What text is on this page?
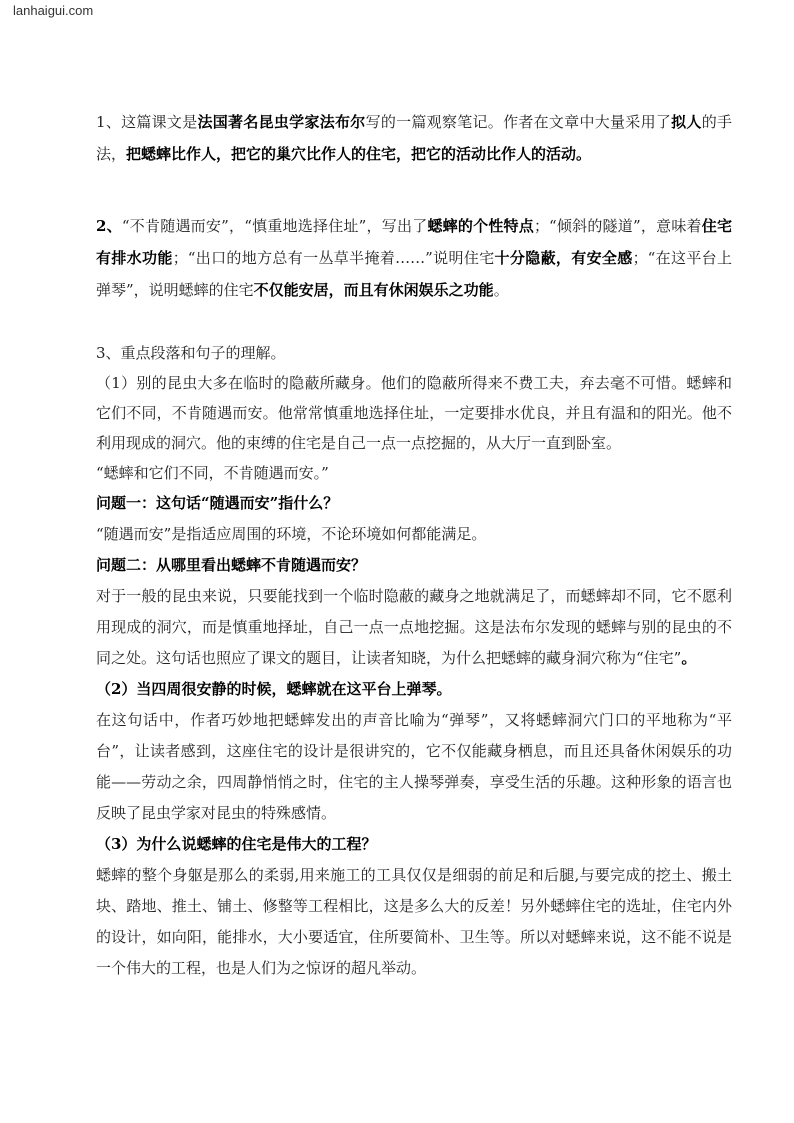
lanhaigui.com

1、这篇课文是法国著名昆虫学家法布尔写的一篇观察笔记。作者在文章中大量采用了拟人的手法，把蟋蟀比作人，把它的巢穴比作人的住宅，把它的活动比作人的活动。

2、“不肯随遇而安”，“慎重地选择住址”，写出了蟋蟀的个性特点；“倾斜的隧道”，意味着住宅有排水功能；“出口的地方总有一丛草半掩着……”说明住宅十分隐蔽，有安全感；“在这平台上弹琴”，说明蟋蟀的住宅不仅能安居，而且有休闲娱乐之功能。

3、重点段落和句子的理解。

（1）别的昆虫大多在临时的隐蔽所藏身。他们的隐蔽所得来不费工夫，弃去毫不可惜。蟋蟀和它们不同，不肯随遇而安。他常常慎重地选择住址，一定要排水优良，并且有温和的阳光。他不利用现成的洞穴。他的束缚的住宅是自己一点一点挖掘的，从大厅一直到卧室。

“蟋蟀和它们不同，不肯随遇而安。”

问题一：这句话“随遇而安”指什么？

“随遇而安”是指适应周围的环境，不论环境如何都能满足。

问题二：从哪里看出蟋蟀不肯随遇而安？

对于一般的昆虫来说，只要能找到一个临时隐蔽的藏身之地就满足了，而蟋蟀却不同，它不愿利用现成的洞穴，而是慎重地择址，自己一点一点地挖掘。这是法布尔发现的蟋蟀与别的昆虫的不同之处。这句话也照应了课文的题目，让读者知晓，为什么把蟋蟀的藏身洞穴称为“住宅”。

（2）当四周很安静的时候，蟋蟀就在这平台上弹琴。

在这句话中，作者巧妙地把蟋蟀发出的声音比喻为“弹琴”，又将蟋蟀洞穴门口的平地称为“平台”，让读者感到，这座住宅的设计是很讲究的，它不仅能藏身栖息，而且还具备休闲娱乐的功能——劳动之余，四周静悄悄之时，住宅的主人操琴弹奏，享受生活的乐趣。这种形象的语言也反映了昆虫学家对昆虫的特殊感情。

（3）为什么说蟋蟀的住宅是伟大的工程？

蟋蟀的整个身躯是那么的柔弱,用来施工的工具仅仅是细弱的前足和后腿,与要完成的挖土、搬土块、踏地、推土、铺土、修整等工程相比，这是多么大的反差！另外蟋蟀住宅的选址，住宅内外的设计，如向阳，能排水，大小要适宜，住所要简朴、卫生等。所以对蟋蟀来说，这不能不说是一个伟大的工程，也是人们为之惊讶的超凡举动。
